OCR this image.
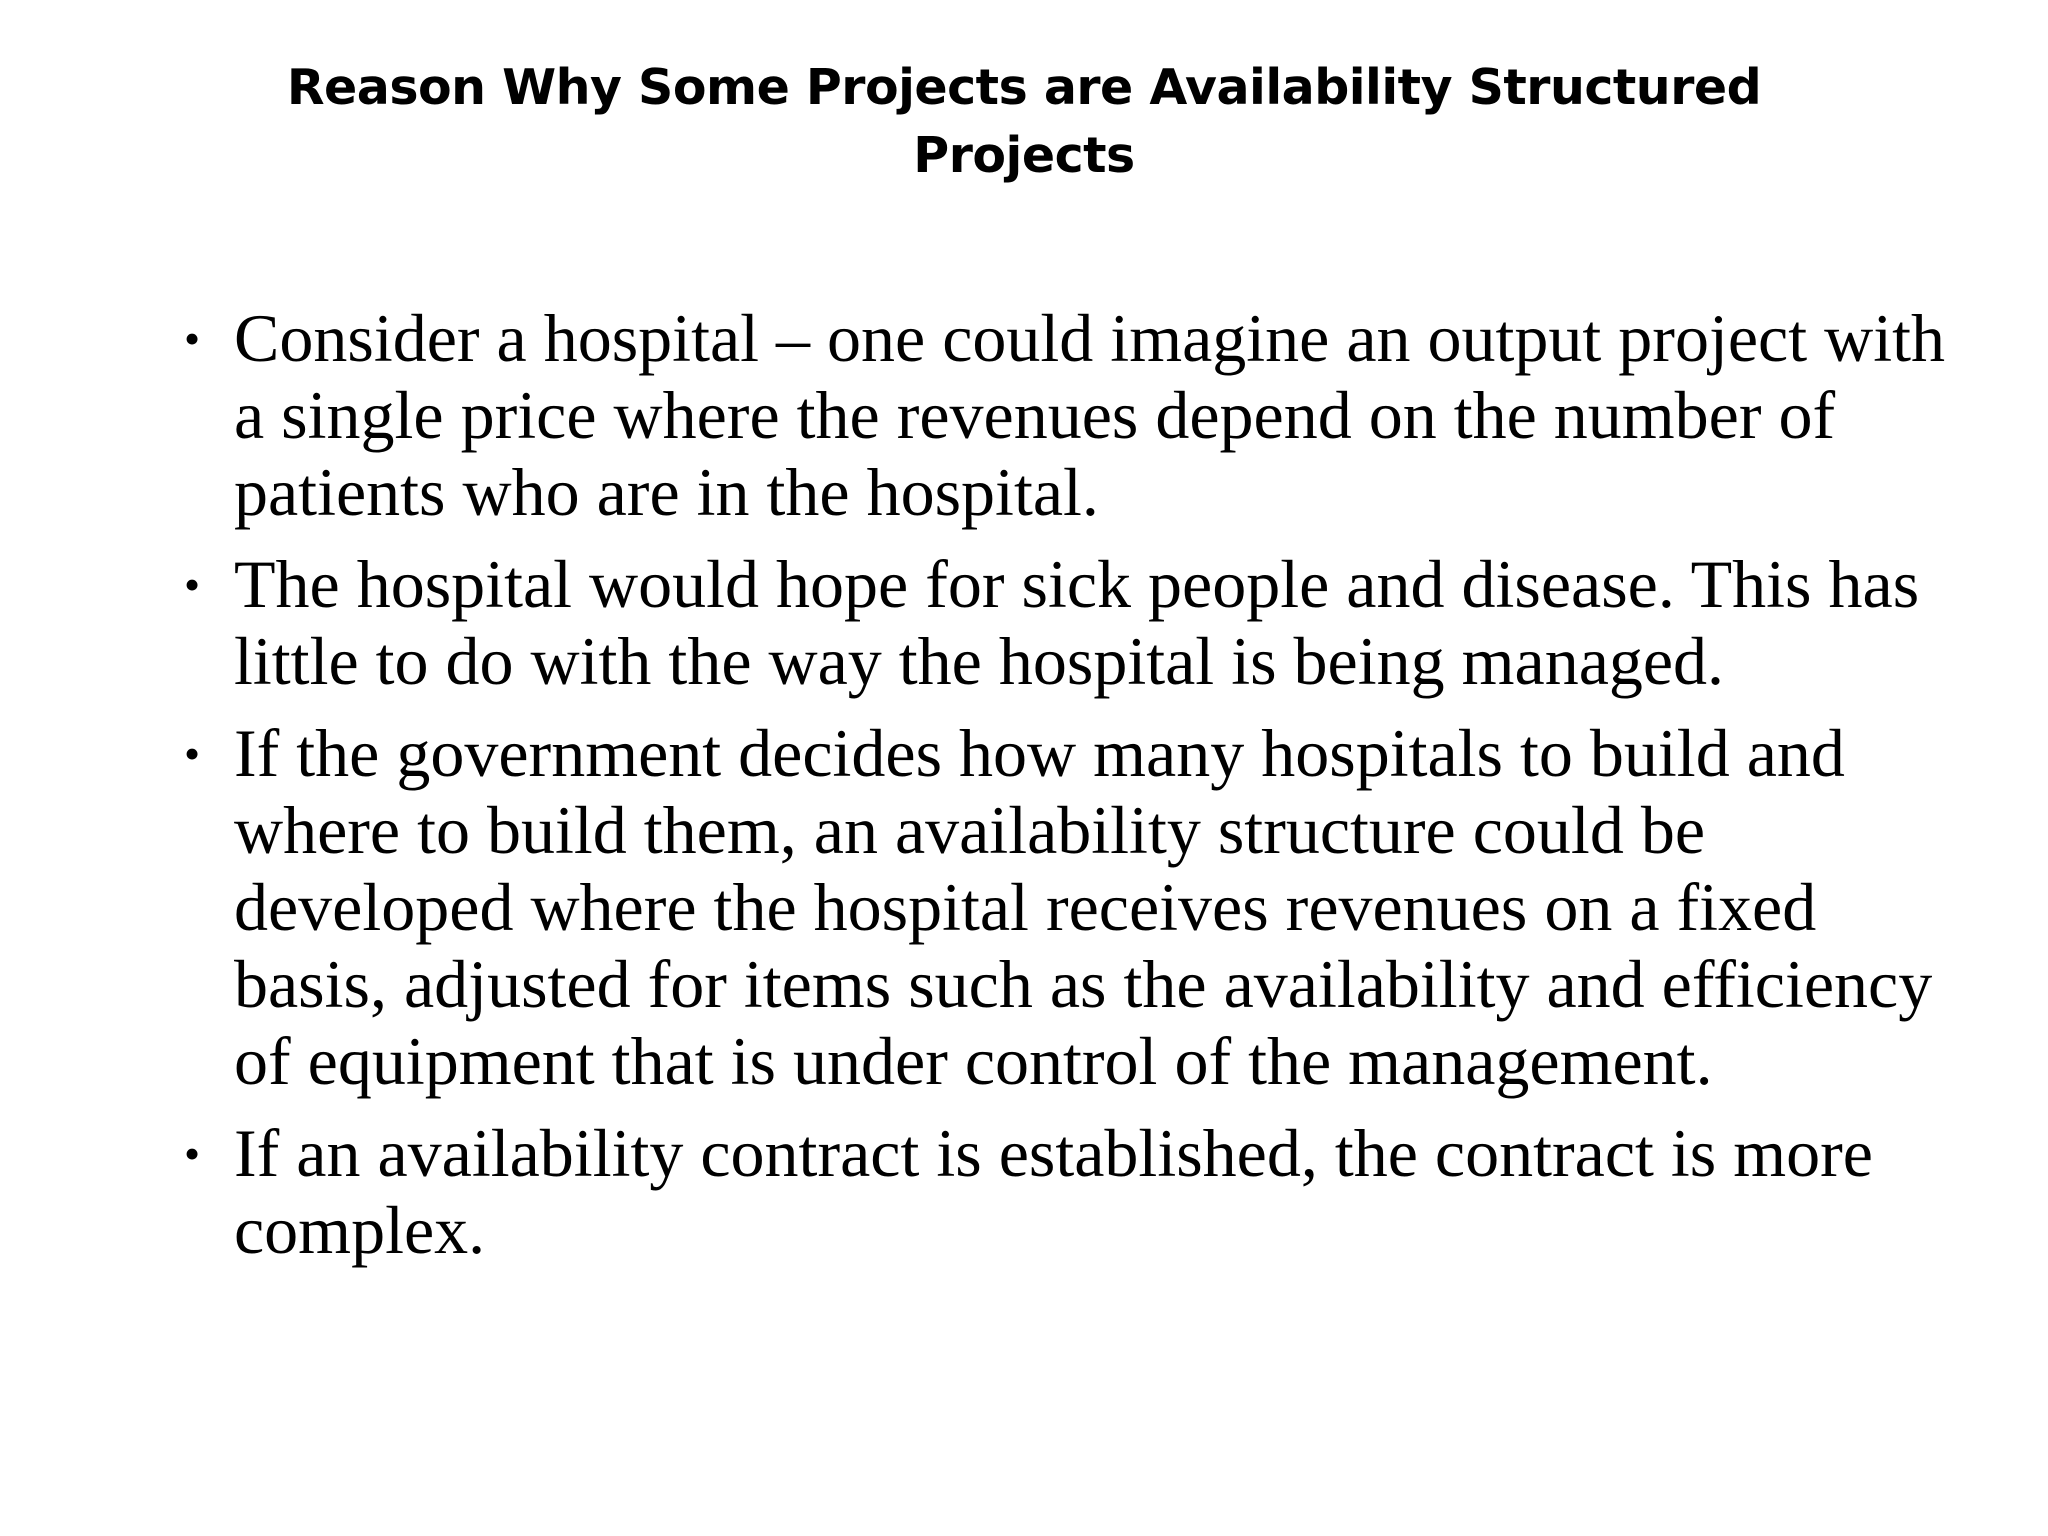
Reason Why Some Projects are Availability Structured Projects
• Consider a hospital – one could imagine an output project with a single price where the revenues depend on the number of patients who are in the hospital.
• The hospital would hope for sick people and disease. This has little to do with the way the hospital is being managed.
• If the government decides how many hospitals to build and where to build them, an availability structure could be developed where the hospital receives revenues on a fixed basis, adjusted for items such as the availability and efficiency of equipment that is under control of the management.
• If an availability contract is established, the contract is more complex.
